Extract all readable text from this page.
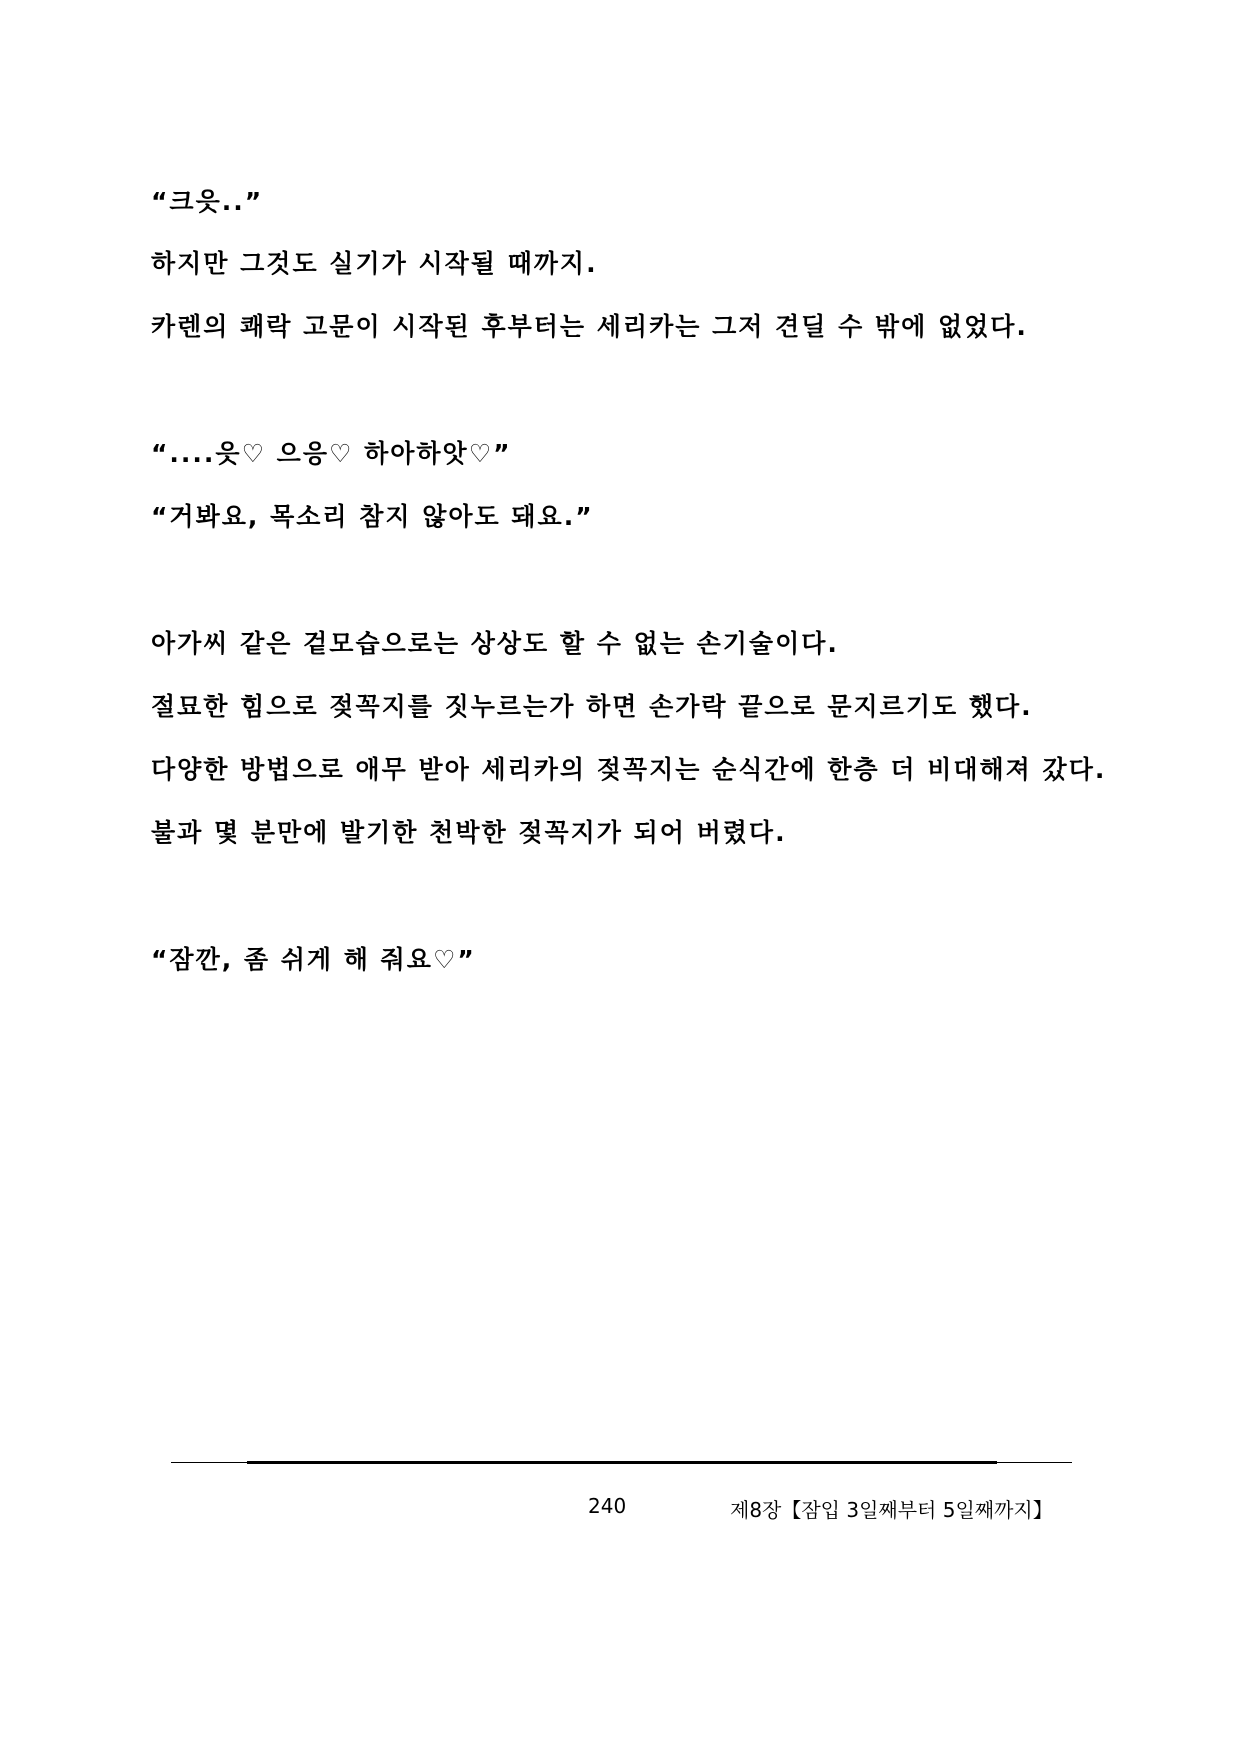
“크읏..”
하지만 그것도 실기가 시작될 때까지.
카렌의 쾌락 고문이 시작된 후부터는 세리카는 그저 견딜 수 밖에 없었다.
“....읏♡ 으응♡ 하아하앗♡”
“거봐요, 목소리 참지 않아도 돼요.”
아가씨 같은 겉모습으로는 상상도 할 수 없는 손기술이다.
절묘한 힘으로 젖꼭지를 짓누르는가 하면 손가락 끝으로 문지르기도 했다.
다양한 방법으로 애무 받아 세리카의 젖꼭지는 순식간에 한층 더 비대해져 갔다.
불과 몇 분만에 발기한 천박한 젖꼭지가 되어 버렸다.
“잠깐, 좀 쉬게 해 줘요♡”
240	제8장【잠입 3일째부터 5일째까지】
